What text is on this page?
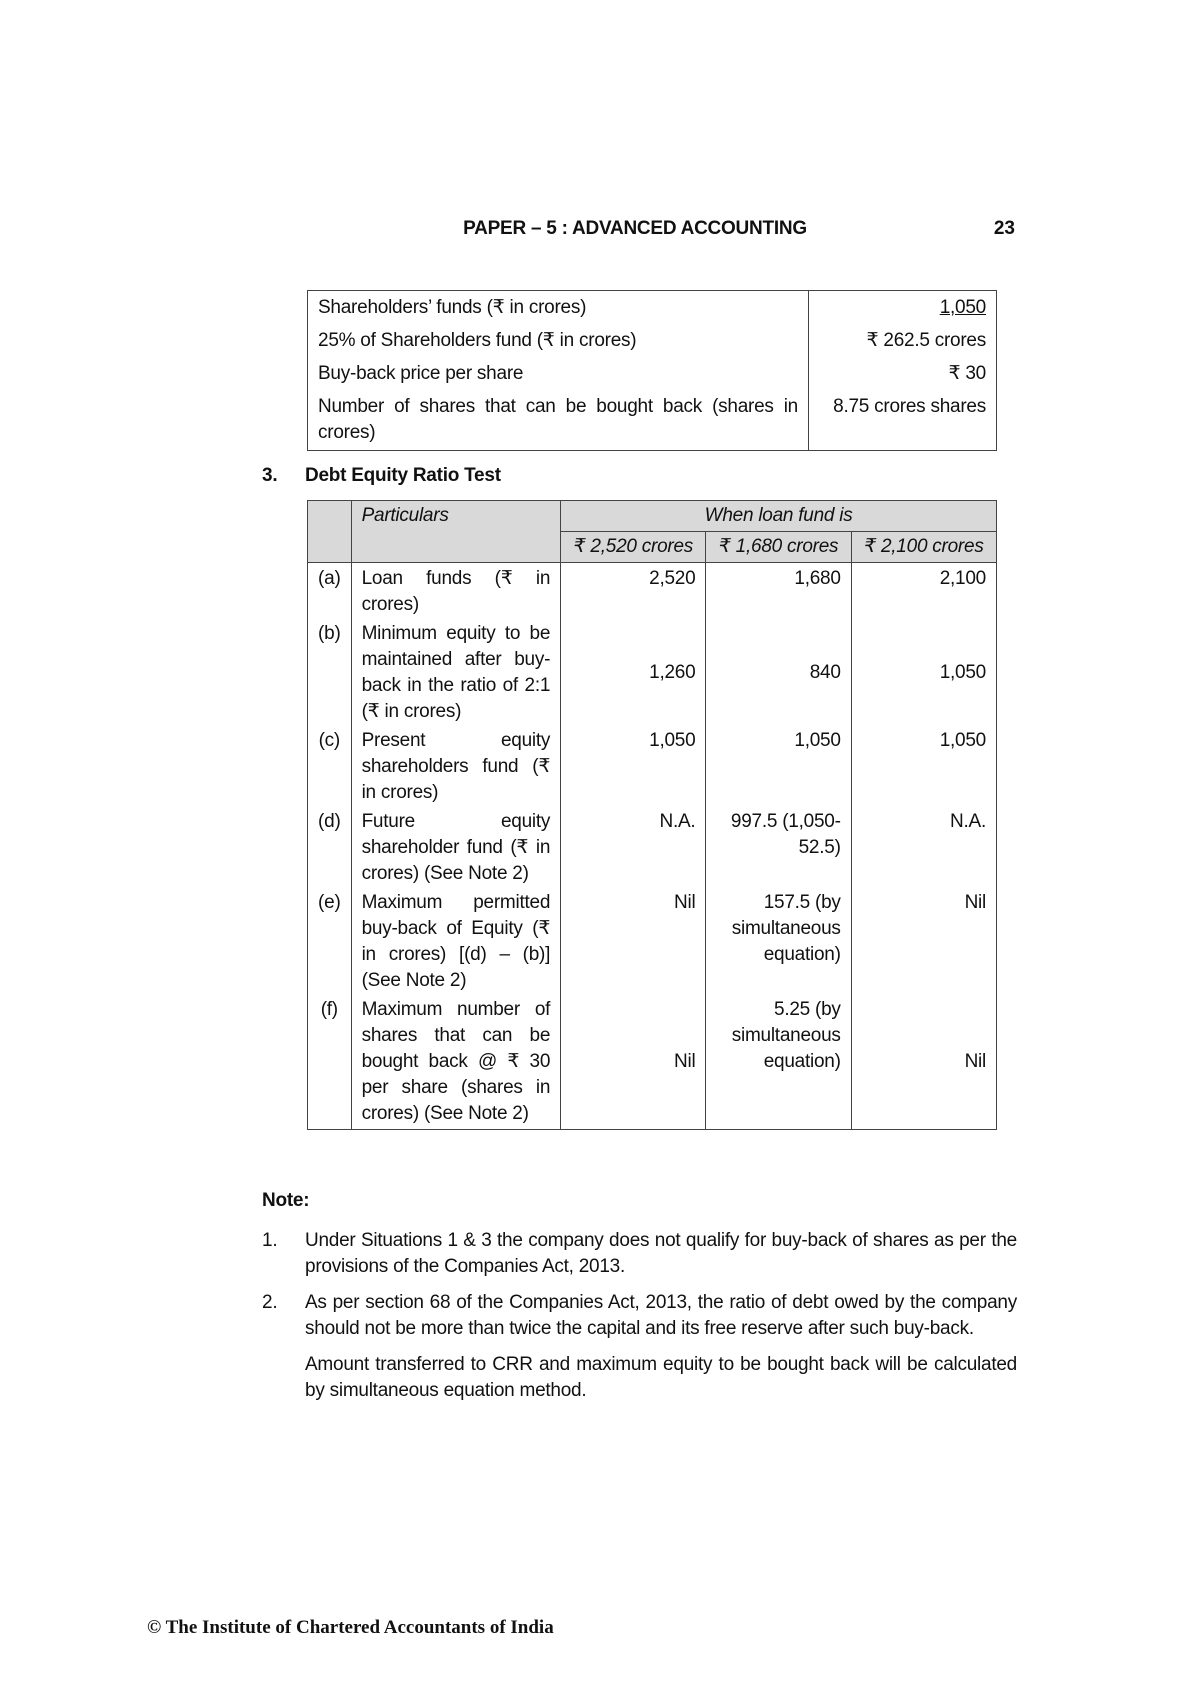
PAPER – 5 : ADVANCED ACCOUNTING	23
Shareholders’ funds (₹ in crores)	1,050
25% of Shareholders fund (₹ in crores)	₹ 262.5 crores
Buy-back price per share	₹ 30
Number of shares that can be bought back (shares in crores)	8.75 crores shares
3. Debt Equity Ratio Test
	Particulars	When loan fund is		
		₹ 2,520 crores	₹ 1,680 crores	₹ 2,100 crores
(a)	Loan funds (₹ in crores)	2,520	1,680	2,100
(b)	Minimum equity to be maintained after buy-back in the ratio of 2:1 (₹ in crores)	1,260	840	1,050
(c)	Present equity shareholders fund (₹ in crores)	1,050	1,050	1,050
(d)	Future equity shareholder fund (₹ in crores) (See Note 2)	N.A.	997.5 (1,050-52.5)	N.A.
(e)	Maximum permitted buy-back of Equity (₹ in crores) [(d) – (b)] (See Note 2)	Nil	157.5 (by simultaneous equation)	Nil
(f)	Maximum number of shares that can be bought back @ ₹ 30 per share (shares in crores) (See Note 2)	Nil	5.25 (by simultaneous equation)	Nil
Note:
1. Under Situations 1 & 3 the company does not qualify for buy-back of shares as per the provisions of the Companies Act, 2013.
2. As per section 68 of the Companies Act, 2013, the ratio of debt owed by the company should not be more than twice the capital and its free reserve after such buy-back.
Amount transferred to CRR and maximum equity to be bought back will be calculated by simultaneous equation method.
© The Institute of Chartered Accountants of India
